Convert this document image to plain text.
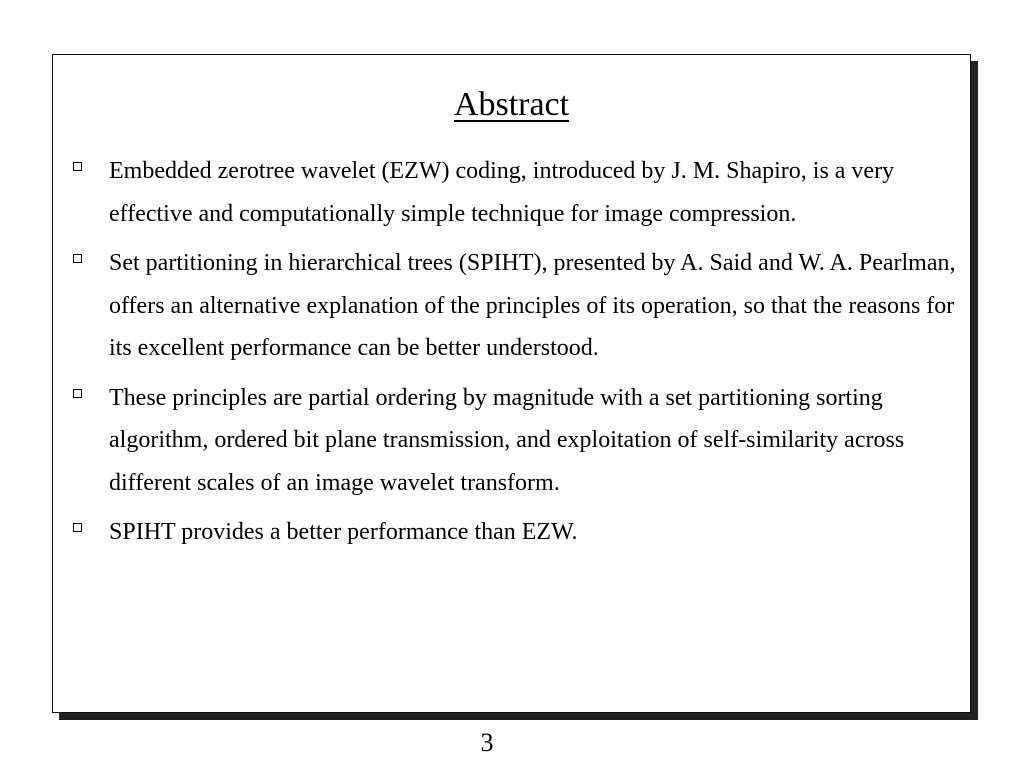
Abstract
Embedded zerotree wavelet (EZW) coding, introduced by J. M. Shapiro, is a very effective and computationally simple technique for image compression.
Set partitioning in hierarchical trees (SPIHT), presented by A. Said and W. A. Pearlman, offers an alternative explanation of the principles of its operation, so that the reasons for its excellent performance can be better understood.
These principles are partial ordering by magnitude with a set partitioning sorting algorithm, ordered bit plane transmission, and exploitation of self-similarity across different scales of an image wavelet transform.
SPIHT provides a better performance than EZW.
3
